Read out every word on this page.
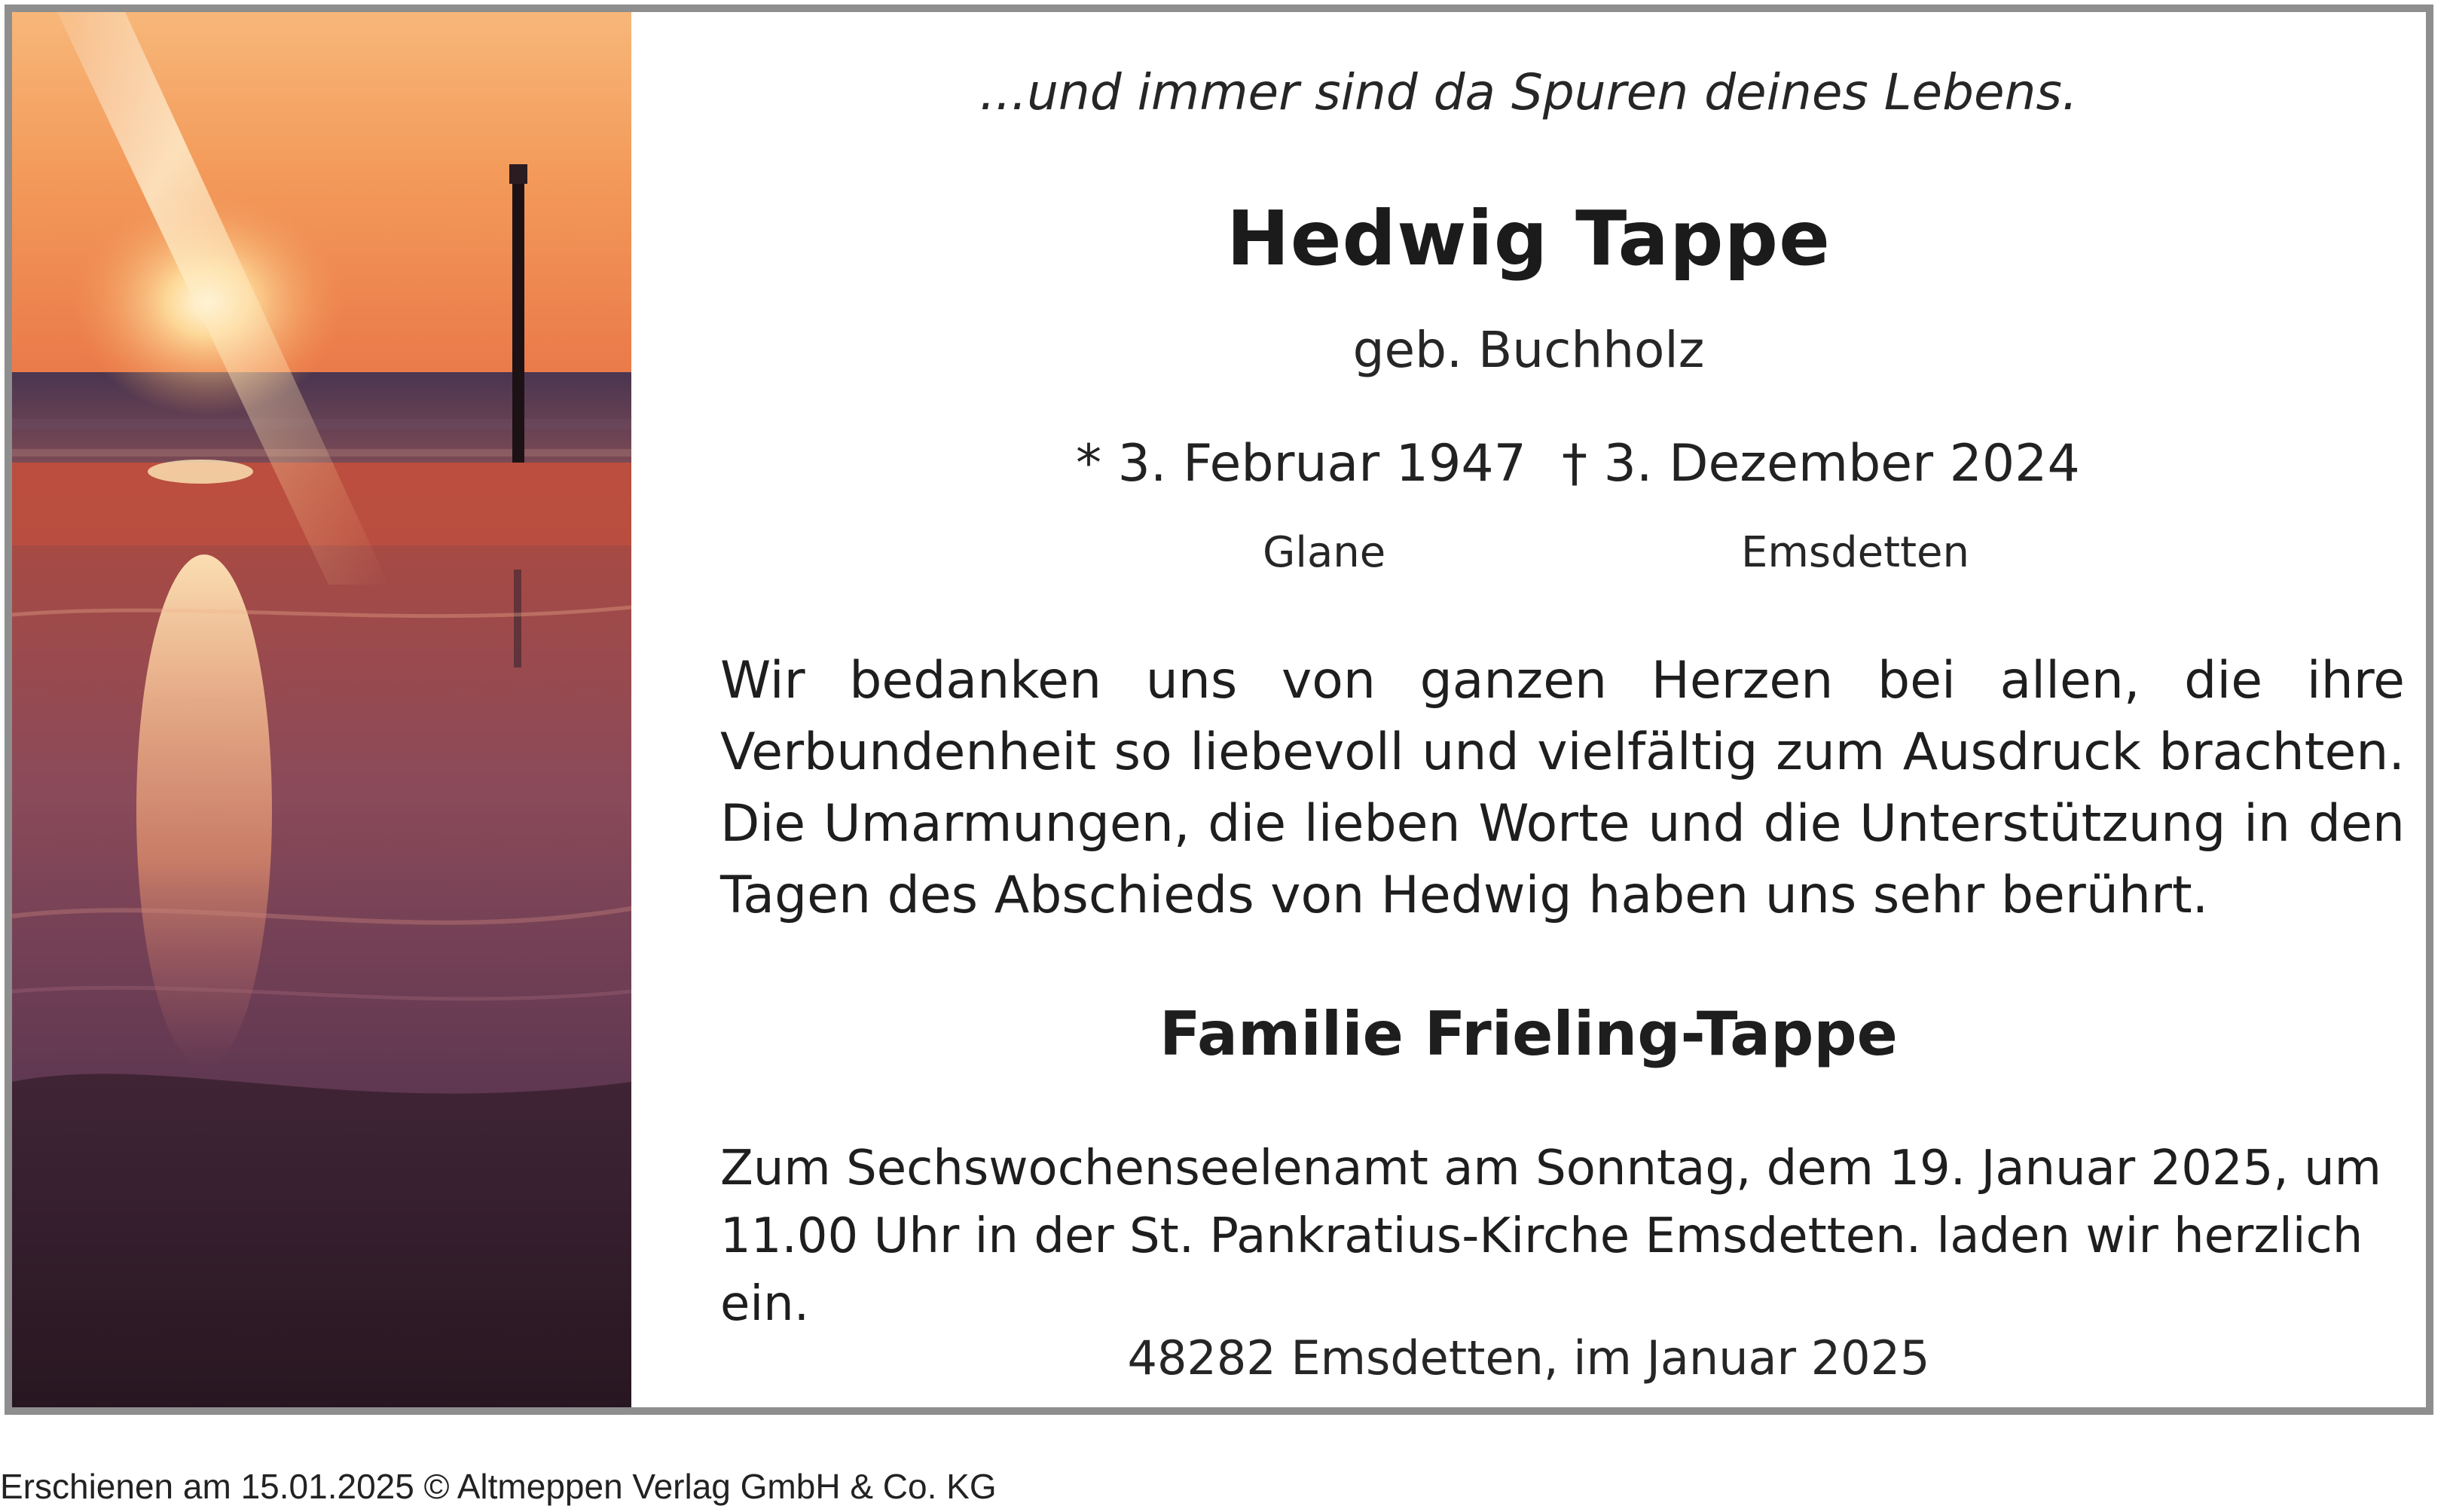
...und immer sind da Spuren deines Lebens.
Hedwig Tappe
geb. Buchholz
* 3. Februar 1947 † 3. Dezember 2024
Glane	Emsdetten
Wir bedanken uns von ganzen Herzen bei allen, die ihre
Verbundenheit so liebevoll und vielfältig zum Ausdruck brachten.
Die Umarmungen, die lieben Worte und die Unterstützung in den
Tagen des Abschieds von Hedwig haben uns sehr berührt.
Familie Frieling-Tappe
Zum Sechswochenseelenamt am Sonntag, dem 19. Januar 2025, um
11.00 Uhr in der St. Pankratius-Kirche Emsdetten. laden wir herzlich
ein.
48282 Emsdetten, im Januar 2025
Erschienen am 15.01.2025 © Altmeppen Verlag GmbH & Co. KG
